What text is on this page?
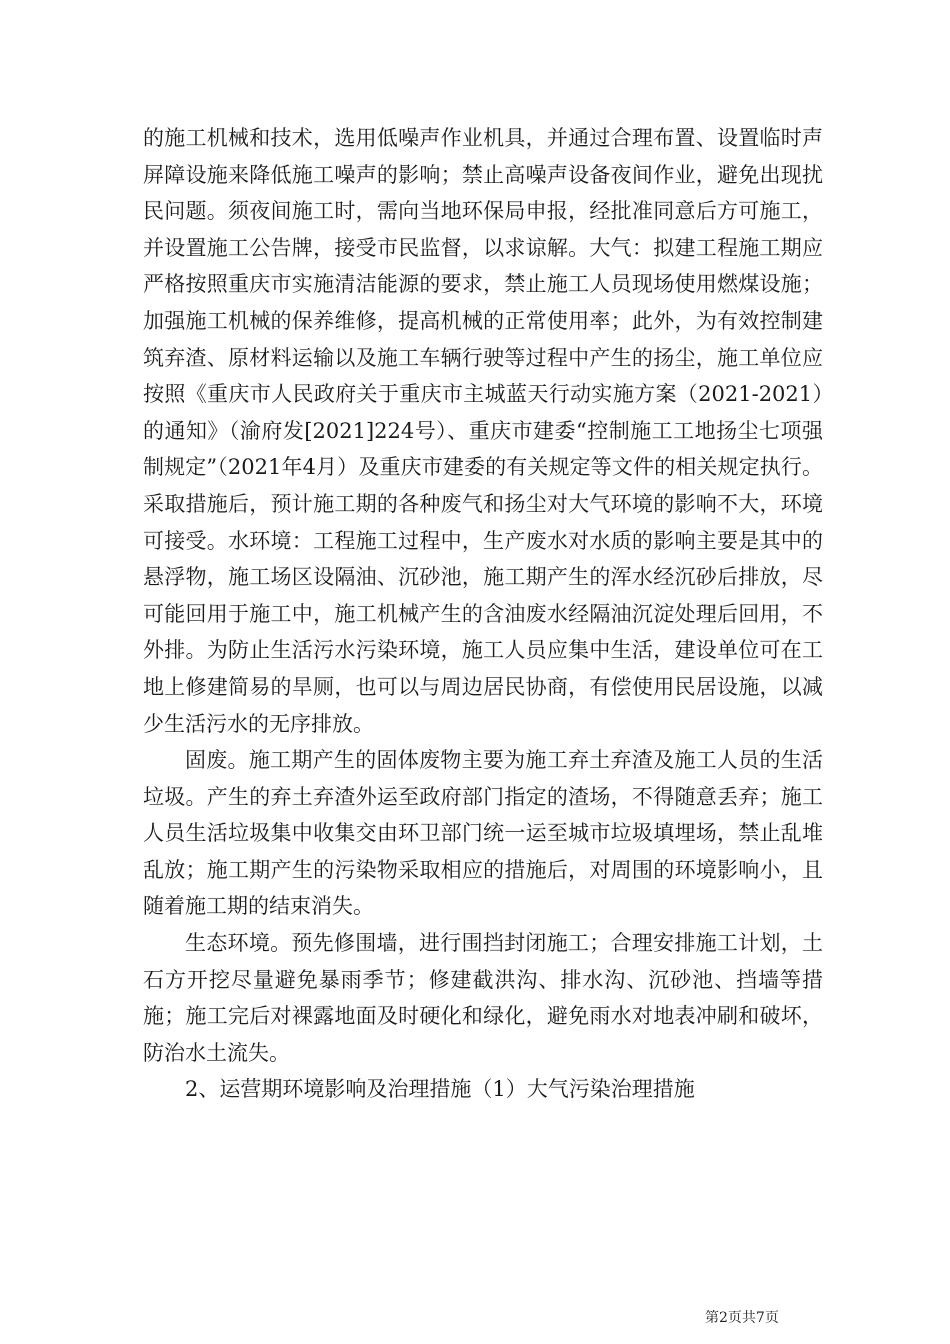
的施工机械和技术，选用低噪声作业机具，并通过合理布置、设置临时声屏障设施来降低施工噪声的影响；禁止高噪声设备夜间作业，避免出现扰民问题。须夜间施工时，需向当地环保局申报，经批准同意后方可施工，并设置施工公告牌，接受市民监督，以求谅解。大气：拟建工程施工期应严格按照重庆市实施清洁能源的要求，禁止施工人员现场使用燃煤设施；加强施工机械的保养维修，提高机械的正常使用率；此外，为有效控制建筑弃渣、原材料运输以及施工车辆行驶等过程中产生的扬尘，施工单位应按照《重庆市人民政府关于重庆市主城蓝天行动实施方案（2021-2021）的通知》（渝府发[2021]224号）、重庆市建委“控制施工工地扬尘七项强制规定”（2021年4月）及重庆市建委的有关规定等文件的相关规定执行。采取措施后，预计施工期的各种废气和扬尘对大气环境的影响不大，环境可接受。水环境：工程施工过程中，生产废水对水质的影响主要是其中的悬浮物，施工场区设隔油、沉砂池，施工期产生的浑水经沉砂后排放，尽可能回用于施工中，施工机械产生的含油废水经隔油沉淀处理后回用，不外排。为防止生活污水污染环境，施工人员应集中生活，建设单位可在工地上修建简易的旱厕，也可以与周边居民协商，有偿使用民居设施，以减少生活污水的无序排放。

固废。施工期产生的固体废物主要为施工弃土弃渣及施工人员的生活垃圾。产生的弃土弃渣外运至政府部门指定的渣场，不得随意丢弃；施工人员生活垃圾集中收集交由环卫部门统一运至城市垃圾填埋场，禁止乱堆乱放；施工期产生的污染物采取相应的措施后，对周围的环境影响小，且随着施工期的结束消失。

生态环境。预先修围墙，进行围挡封闭施工；合理安排施工计划，土石方开挖尽量避免暴雨季节；修建截洪沟、排水沟、沉砂池、挡墙等措施；施工完后对裸露地面及时硬化和绿化，避免雨水对地表冲刷和破坏，防治水土流失。

2、运营期环境影响及治理措施（1）大气污染治理措施

第2页共7页
